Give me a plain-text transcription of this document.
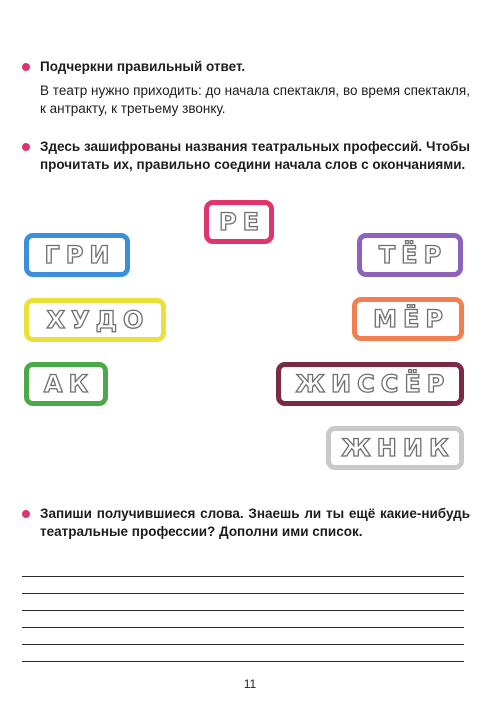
Подчеркни правильный ответ.

В театр нужно приходить: до начала спектакля, во время спектакля, к антракту, к третьему звонку.

Здесь зашифрованы названия театральных профессий. Чтобы прочитать их, правильно соедини начала слов с окончаниями.

РЕ
ГРИ
ХУДО
АК
ТЁР
МЁР
ЖИССЁР
ЖНИК

Запиши получившиеся слова. Знаешь ли ты ещё какие-нибудь театральные профессии? Дополни ими список.

11
